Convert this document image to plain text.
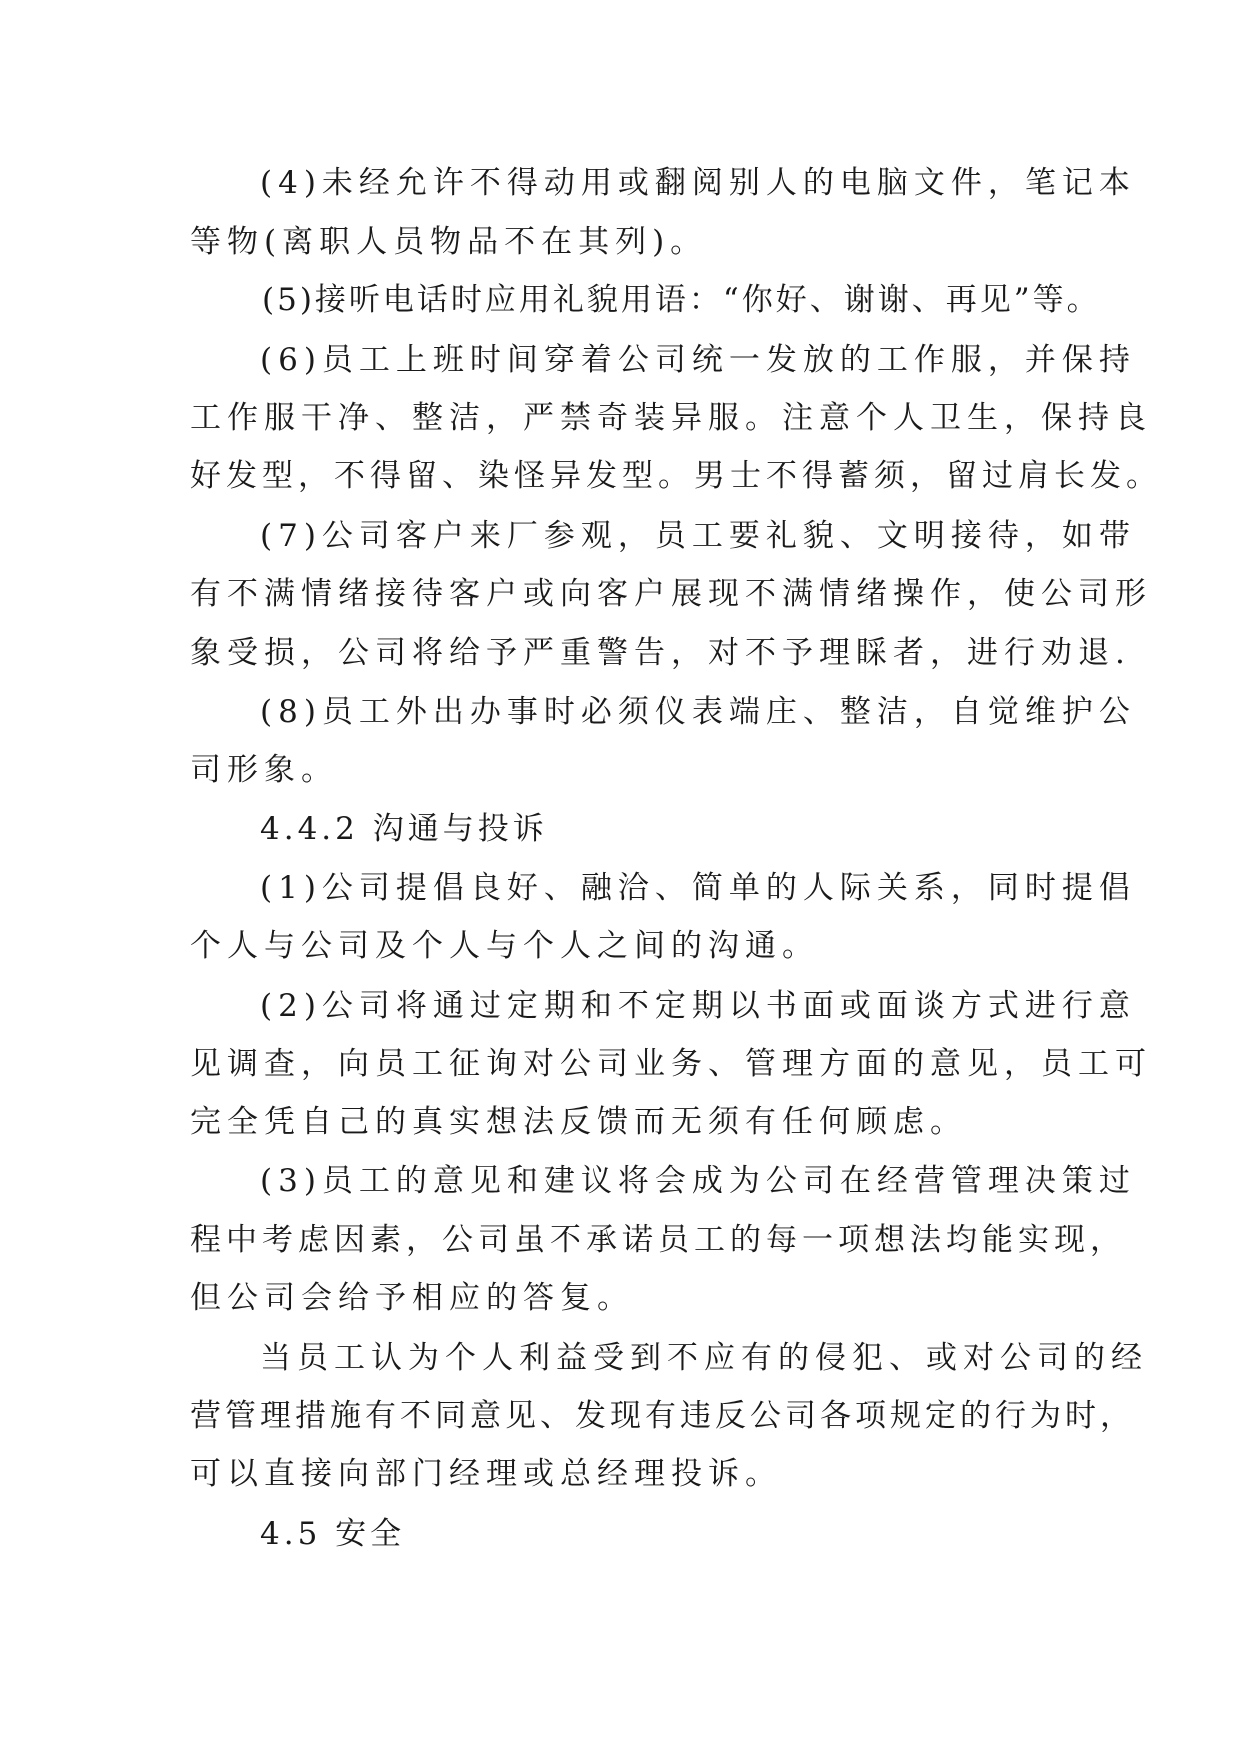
(4)未经允许不得动用或翻阅别人的电脑文件，笔记本
等物(离职人员物品不在其列)。
(5)接听电话时应用礼貌用语：“你好、谢谢、再见”等。
(6)员工上班时间穿着公司统一发放的工作服，并保持
工作服干净、整洁，严禁奇装异服。注意个人卫生，保持良
好发型，不得留、染怪异发型。男士不得蓄须，留过肩长发。
(7)公司客户来厂参观，员工要礼貌、文明接待，如带
有不满情绪接待客户或向客户展现不满情绪操作，使公司形
象受损，公司将给予严重警告，对不予理睬者，进行劝退.
(8)员工外出办事时必须仪表端庄、整洁，自觉维护公
司形象。
4.4.2 沟通与投诉
(1)公司提倡良好、融洽、简单的人际关系，同时提倡
个人与公司及个人与个人之间的沟通。
(2)公司将通过定期和不定期以书面或面谈方式进行意
见调查，向员工征询对公司业务、管理方面的意见，员工可
完全凭自己的真实想法反馈而无须有任何顾虑。
(3)员工的意见和建议将会成为公司在经营管理决策过
程中考虑因素，公司虽不承诺员工的每一项想法均能实现，
但公司会给予相应的答复。
当员工认为个人利益受到不应有的侵犯、或对公司的经
营管理措施有不同意见、发现有违反公司各项规定的行为时，
可以直接向部门经理或总经理投诉。
4.5 安全
